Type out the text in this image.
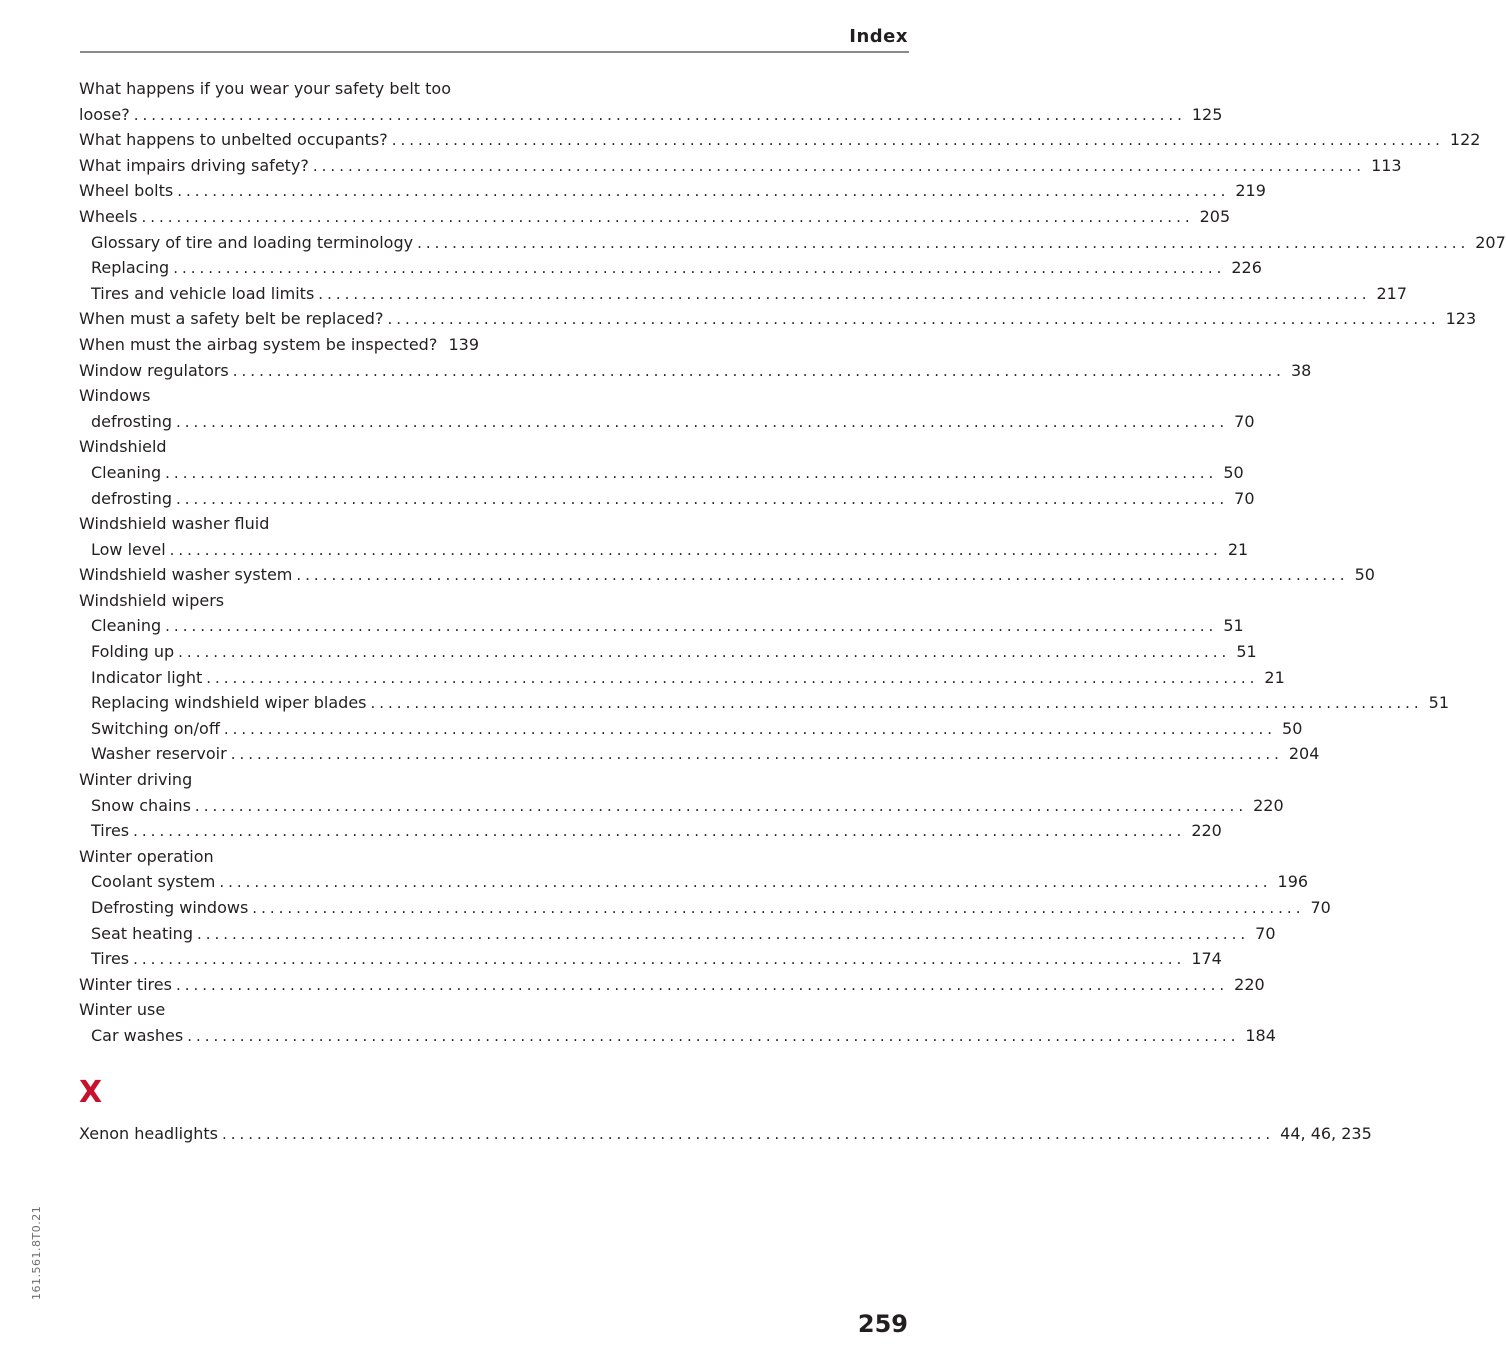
Index
What happens if you wear your safety belt too
loose? ........................................................................................................................ 125
What happens to unbelted occupants? ........................................................................................................................ 122
What impairs driving safety? ........................................................................................................................ 113
Wheel bolts ........................................................................................................................ 219
Wheels ........................................................................................................................ 205
Glossary of tire and loading terminology ........................................................................................................................ 207
Replacing ........................................................................................................................ 226
Tires and vehicle load limits ........................................................................................................................ 217
When must a safety belt be replaced? ........................................................................................................................ 123
When must the airbag system be inspected? 139
Window regulators ........................................................................................................................ 38
Windows
defrosting ........................................................................................................................ 70
Windshield
Cleaning ........................................................................................................................ 50
defrosting ........................................................................................................................ 70
Windshield washer fluid
Low level ........................................................................................................................ 21
Windshield washer system ........................................................................................................................ 50
Windshield wipers
Cleaning ........................................................................................................................ 51
Folding up ........................................................................................................................ 51
Indicator light ........................................................................................................................ 21
Replacing windshield wiper blades ........................................................................................................................ 51
Switching on/off ........................................................................................................................ 50
Washer reservoir ........................................................................................................................ 204
Winter driving
Snow chains ........................................................................................................................ 220
Tires ........................................................................................................................ 220
Winter operation
Coolant system ........................................................................................................................ 196
Defrosting windows ........................................................................................................................ 70
Seat heating ........................................................................................................................ 70
Tires ........................................................................................................................ 174
Winter tires ........................................................................................................................ 220
Winter use
Car washes ........................................................................................................................ 184
X
Xenon headlights ........................................................................................................................ 44, 46, 235
161.561.8T0.21
259
